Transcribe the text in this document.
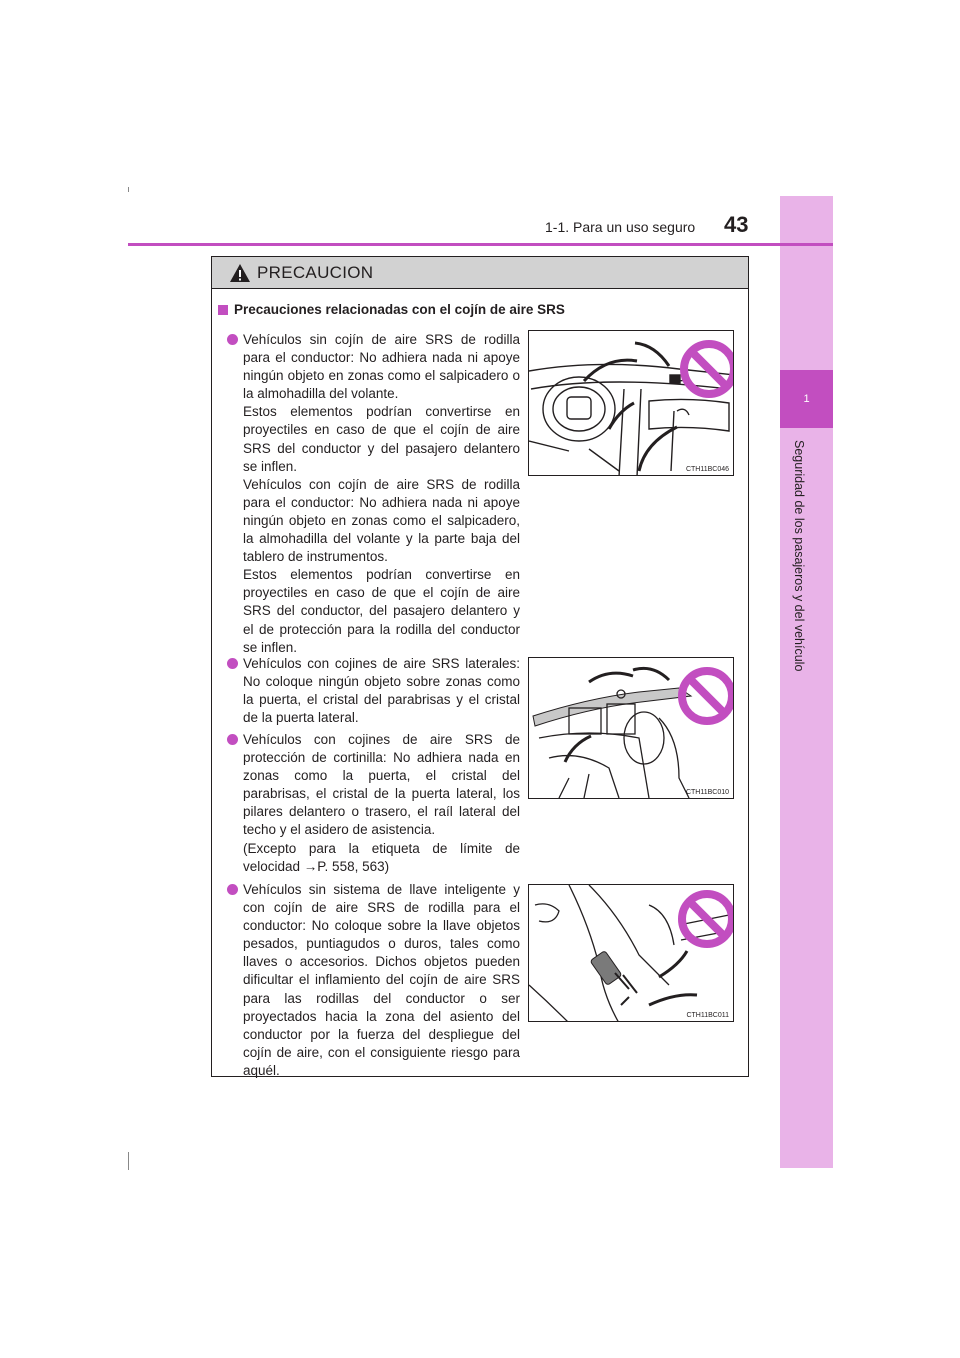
1
Seguridad de los pasajeros y del vehículo
1-1. Para un uso seguro 43
PRECAUCION
Precauciones relacionadas con el cojín de aire SRS
Vehículos sin cojín de aire SRS de rodilla para el conductor: No adhiera nada ni apoye ningún objeto en zonas como el salpicadero o la almohadilla del volante.
Estos elementos podrían convertirse en proyectiles en caso de que el cojín de aire SRS del conductor y del pasajero delantero se inflen.
Vehículos con cojín de aire SRS de rodilla para el conductor: No adhiera nada ni apoye ningún objeto en zonas como el salpicadero, la almohadilla del volante y la parte baja del tablero de instrumentos.
Estos elementos podrían convertirse en proyectiles en caso de que el cojín de aire SRS del conductor, del pasajero delantero y el de protección para la rodilla del conductor se inflen.
Vehículos con cojines de aire SRS laterales: No coloque ningún objeto sobre zonas como la puerta, el cristal del parabrisas y el cristal de la puerta lateral.
Vehículos con cojines de aire SRS de protección de cortinilla: No adhiera nada en zonas como la puerta, el cristal del parabrisas, el cristal de la puerta lateral, los pilares delantero o trasero, el raíl lateral del techo y el asidero de asistencia.
(Excepto para la etiqueta de límite de velocidad →P. 558, 563)
Vehículos sin sistema de llave inteligente y con cojín de aire SRS de rodilla para el conductor: No coloque sobre la llave objetos pesados, puntiagudos o duros, tales como llaves o accesorios. Dichos objetos pueden dificultar el inflamiento del cojín de aire SRS para las rodillas del conductor o ser proyectados hacia la zona del asiento del conductor por la fuerza del despliegue del cojín de aire, con el consiguiente riesgo para aquél.
CTH11BC046
CTH11BC010
CTH11BC011
